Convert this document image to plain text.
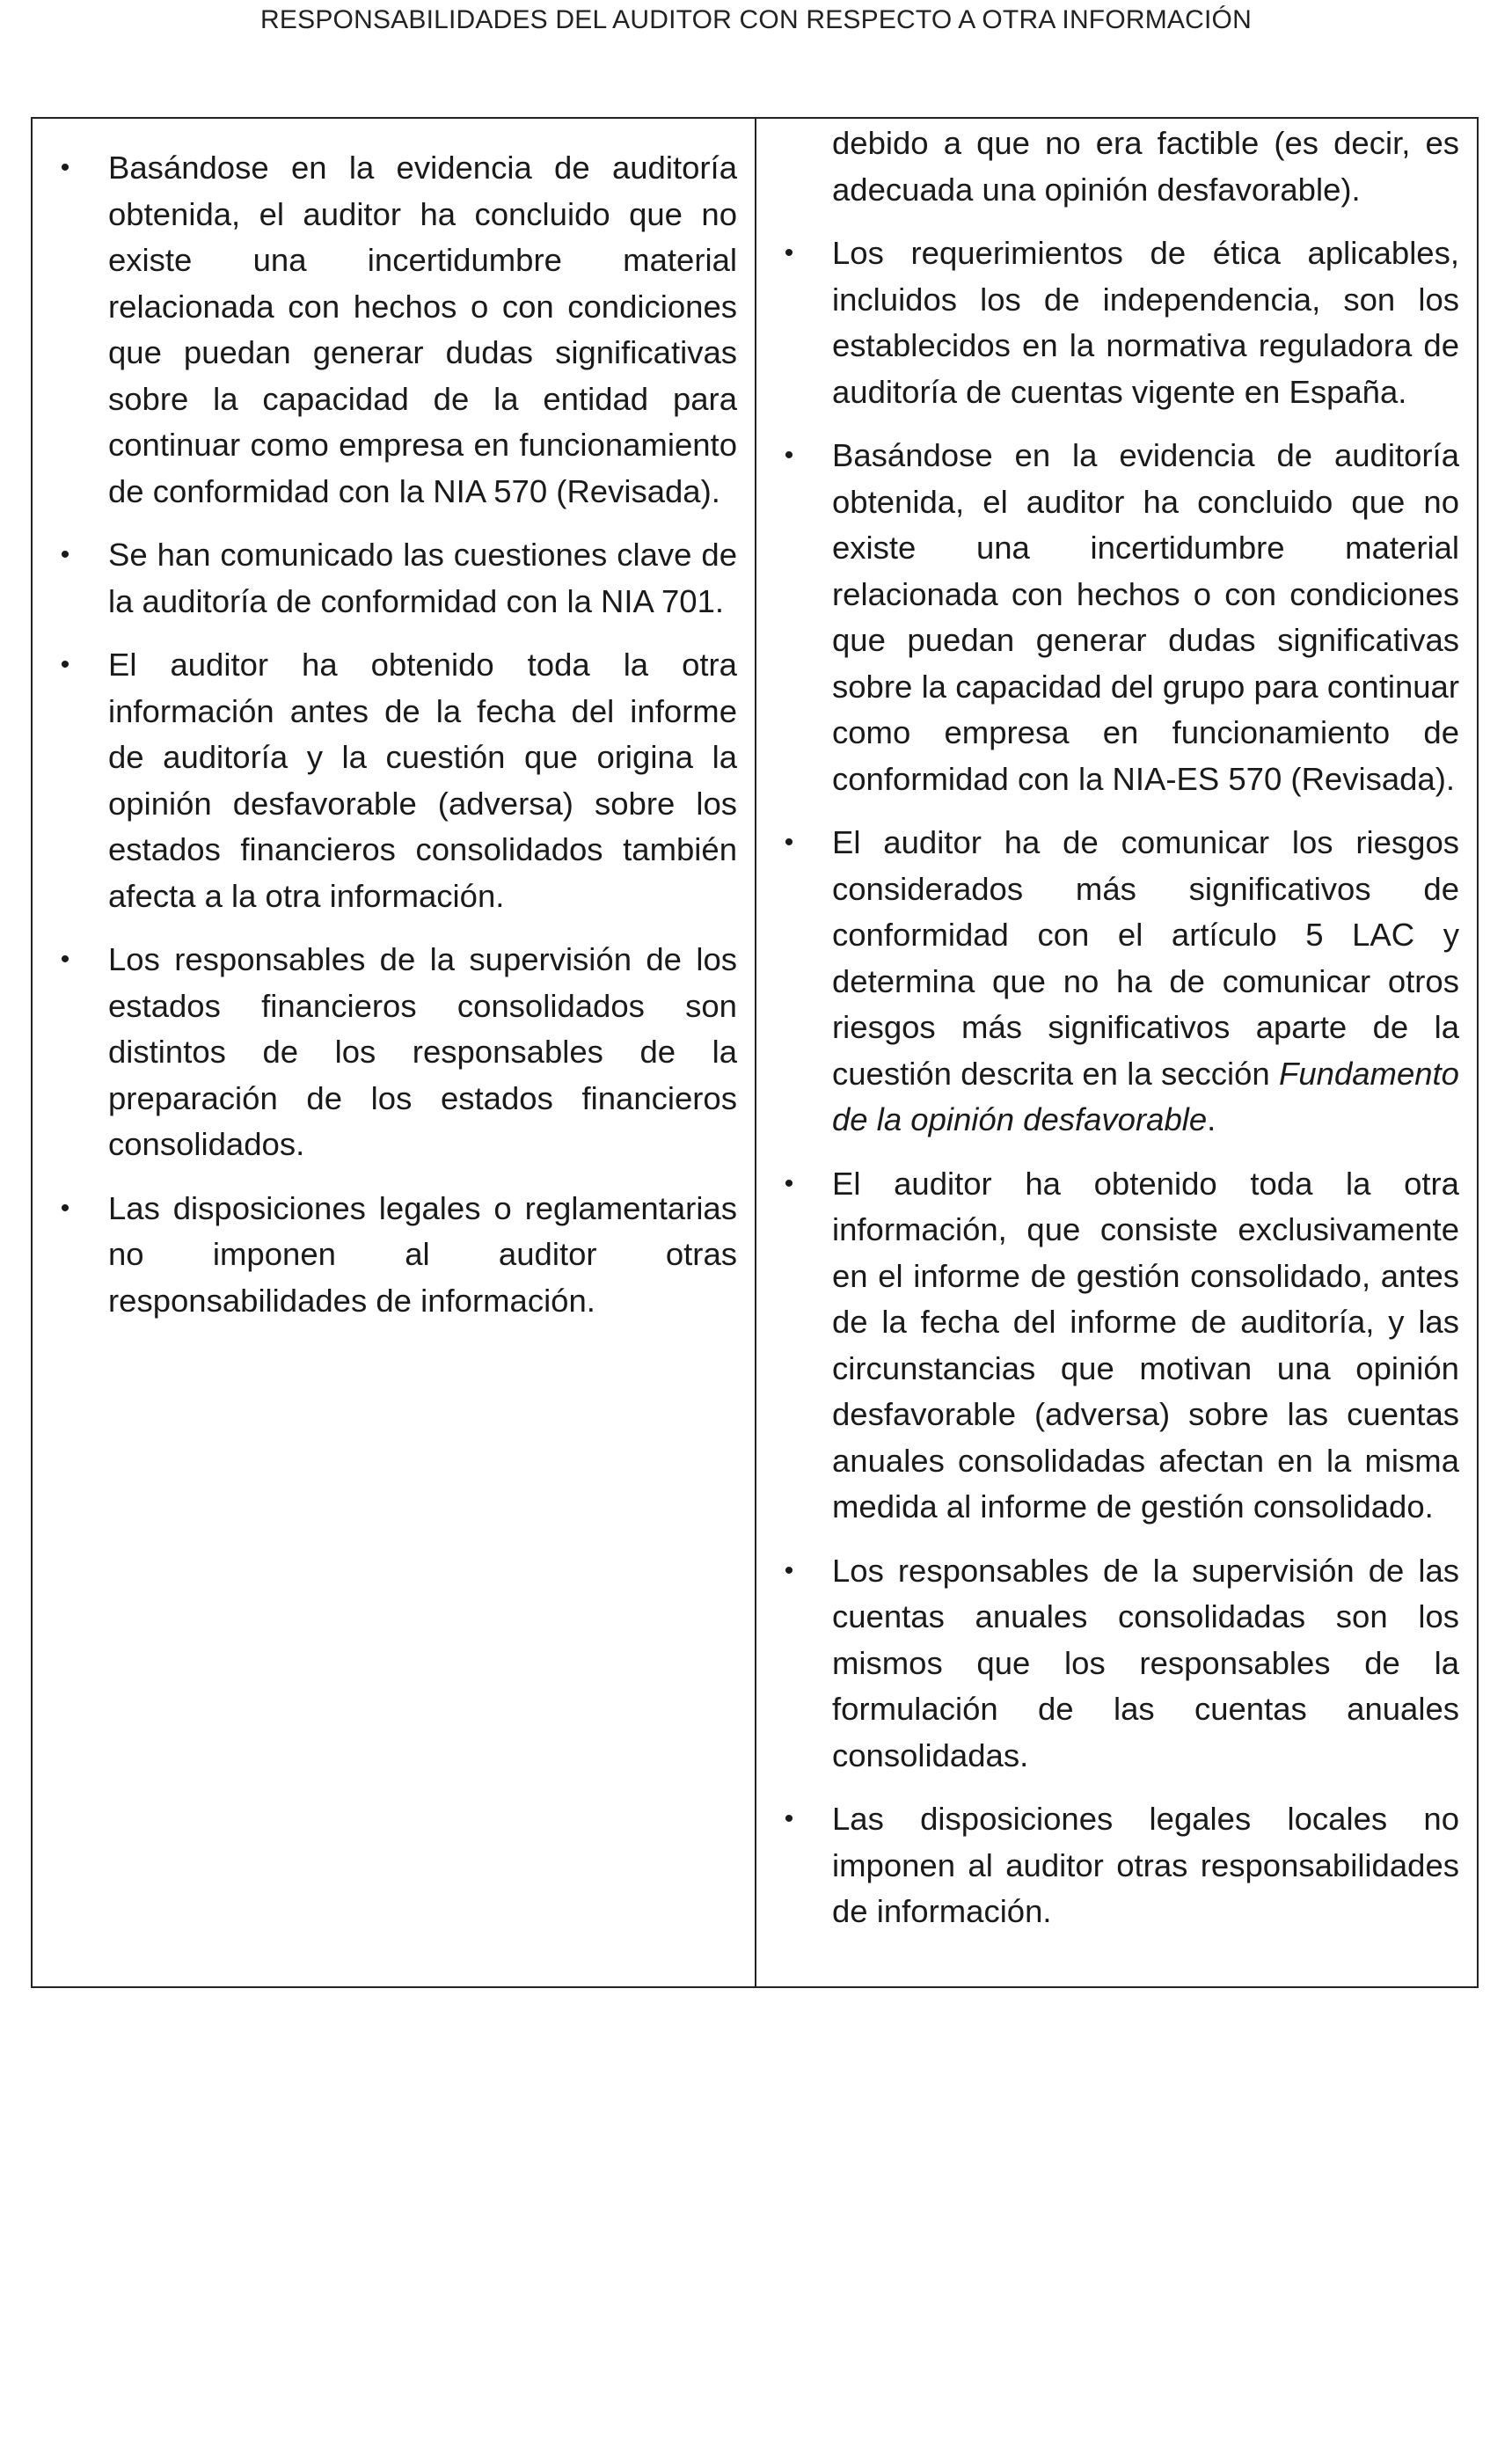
RESPONSABILIDADES DEL AUDITOR CON RESPECTO A OTRA INFORMACIÓN
• Basándose en la evidencia de auditoría obtenida, el auditor ha concluido que no existe una incertidumbre material relacionada con hechos o con condiciones que puedan generar dudas significativas sobre la capacidad de la entidad para continuar como empresa en funcionamiento de conformidad con la NIA 570 (Revisada).
• Se han comunicado las cuestiones clave de la auditoría de conformidad con la NIA 701.
• El auditor ha obtenido toda la otra información antes de la fecha del informe de auditoría y la cuestión que origina la opinión desfavorable (adversa) sobre los estados financieros consolidados también afecta a la otra información.
• Los responsables de la supervisión de los estados financieros consolidados son distintos de los responsables de la preparación de los estados financieros consolidados.
• Las disposiciones legales o reglamentarias no imponen al auditor otras responsabilidades de información.

debido a que no era factible (es decir, es adecuada una opinión desfavorable).

• Los requerimientos de ética aplicables, incluidos los de independencia, son los establecidos en la normativa reguladora de auditoría de cuentas vigente en España.
• Basándose en la evidencia de auditoría obtenida, el auditor ha concluido que no existe una incertidumbre material relacionada con hechos o con condiciones que puedan generar dudas significativas sobre la capacidad del grupo para continuar como empresa en funcionamiento de conformidad con la NIA-ES 570 (Revisada).
• El auditor ha de comunicar los riesgos considerados más significativos de conformidad con el artículo 5 LAC y determina que no ha de comunicar otros riesgos más significativos aparte de la cuestión descrita en la sección Fundamento de la opinión desfavorable.
• El auditor ha obtenido toda la otra información, que consiste exclusivamente en el informe de gestión consolidado, antes de la fecha del informe de auditoría, y las circunstancias que motivan una opinión desfavorable (adversa) sobre las cuentas anuales consolidadas afectan en la misma medida al informe de gestión consolidado.
• Los responsables de la supervisión de las cuentas anuales consolidadas son los mismos que los responsables de la formulación de las cuentas anuales consolidadas.
• Las disposiciones legales locales no imponen al auditor otras responsabilidades de información.
